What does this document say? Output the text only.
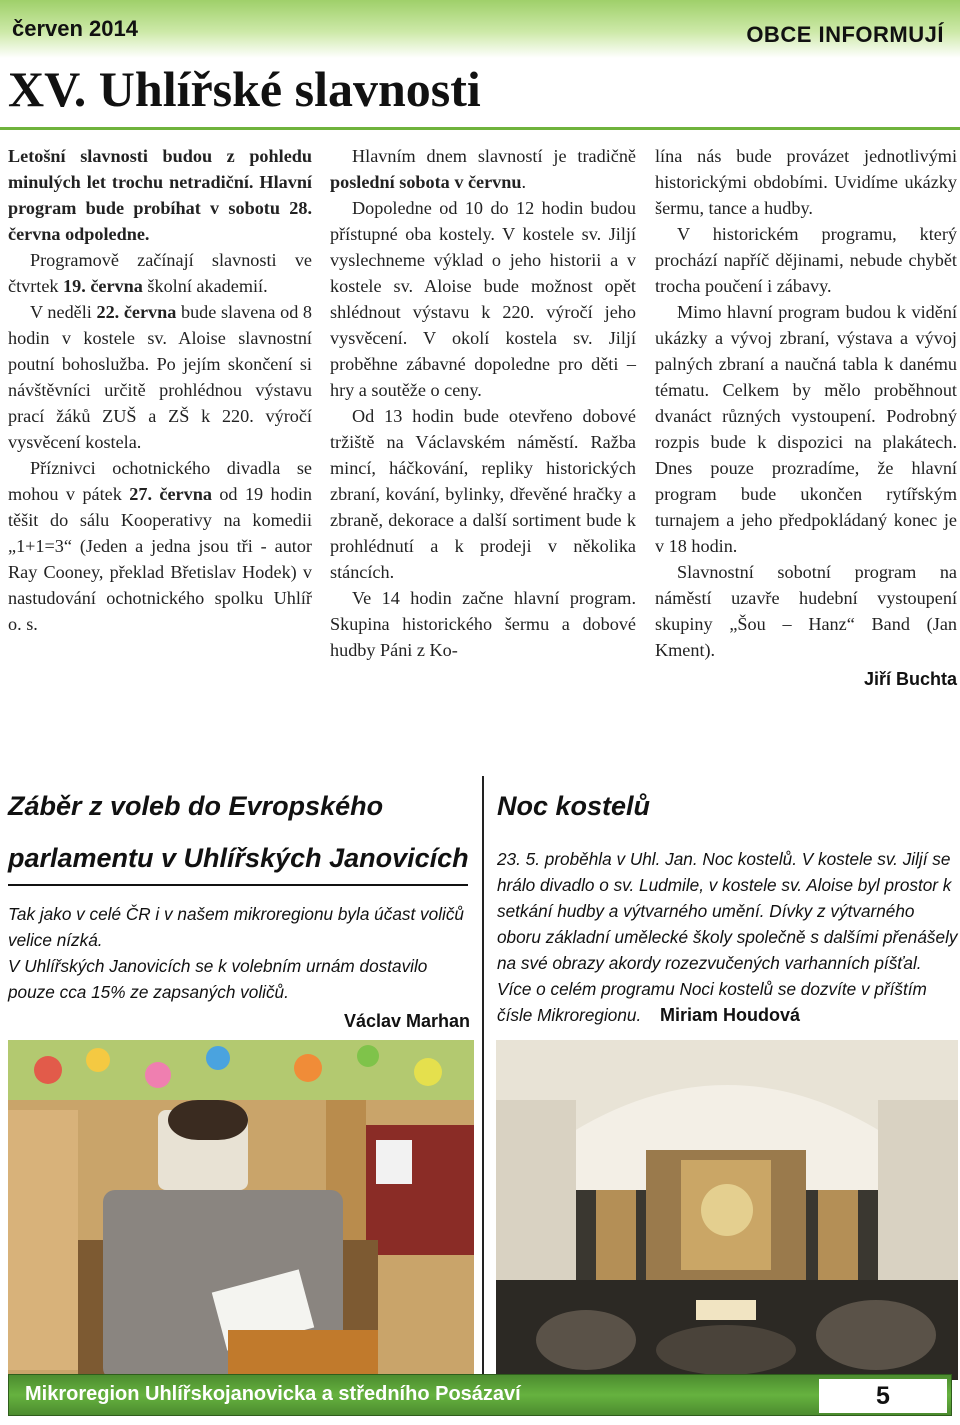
červen 2014	OBCE INFORMUJÍ
XV. Uhlířské slavnosti

Letošní slavnosti budou z pohledu minulých let trochu netradiční. Hlavní program bude probíhat v sobotu 28. června odpoledne.

Programově začínají slavnosti ve čtvrtek 19. června školní akademií.

V neděli 22. června bude slavena od 8 hodin v kostele sv. Aloise slavnostní poutní bohoslužba. Po jejím skončení si návštěvníci určitě prohlédnou výstavu prací žáků ZUŠ a ZŠ k 220. výročí vysvěcení kostela.

Příznivci ochotnického divadla se mohou v pátek 27. června od 19 hodin těšit do sálu Kooperativy na komedii „1+1=3“ (Jeden a jedna jsou tři - autor Ray Cooney, překlad Břetislav Hodek) v nastudování ochotnického spolku Uhlíř o. s.

Hlavním dnem slavností je tradičně poslední sobota v červnu.

Dopoledne od 10 do 12 hodin budou přístupné oba kostely. V kostele sv. Jiljí vyslechneme výklad o jeho historii a v kostele sv. Aloise bude možnost opět shlédnout výstavu k 220. výročí jeho vysvěcení. V okolí kostela sv. Jiljí proběhne zábavné dopoledne pro děti – hry a soutěže o ceny.

Od 13 hodin bude otevřeno dobové tržiště na Václavském náměstí. Ražba mincí, háčkování, repliky historických zbraní, kování, bylinky, dřevěné hračky a zbraně, dekorace a další sortiment bude k prohlédnutí a k prodeji v několika stáncích.

Ve 14 hodin začne hlavní program. Skupina historického šermu a dobové hudby Páni z Ko-

lína nás bude provázet jednotlivými historickými obdobími. Uvidíme ukázky šermu, tance a hudby.

V historickém programu, který prochází napříč dějinami, nebude chybět trocha poučení i zábavy.

Mimo hlavní program budou k vidění ukázky a vývoj zbraní, výstava a vývoj palných zbraní a naučná tabla k danému tématu. Celkem by mělo proběhnout dvanáct různých vystoupení. Podrobný rozpis bude k dispozici na plakátech. Dnes pouze prozradíme, že hlavní program bude ukončen rytířským turnajem a jeho předpokládaný konec je v 18 hodin.

Slavnostní sobotní program na náměstí uzavře hudební vystoupení skupiny „Šou – Hanz“ Band (Jan Kment).

Jiří Buchta
Záběr z voleb do Evropského
parlamentu v Uhlířských Janovicích

Tak jako v celé ČR i v našem mikroregionu byla účast voličů velice nízká.

V Uhlířských Janovicích se k volebním urnám dostavilo pouze cca 15% ze zapsaných voličů.

Václav Marhan

Noc kostelů

23. 5. proběhla v Uhl. Jan. Noc kostelů. V kostele sv. Jiljí se hrálo divadlo o sv. Ludmile, v kostele sv. Aloise byl prostor k setkání hudby a výtvarného umění. Dívky z výtvarného oboru základní umělecké školy společně s dalšími přenášely na své obrazy akordy rozezvučených varhanních píšťal. Více o celém programu Noci kostelů se dozvíte v příštím čísle Mikroregionu. Miriam Houdová

Mikroregion Uhlířskojanovicka a středního Posázaví	5
